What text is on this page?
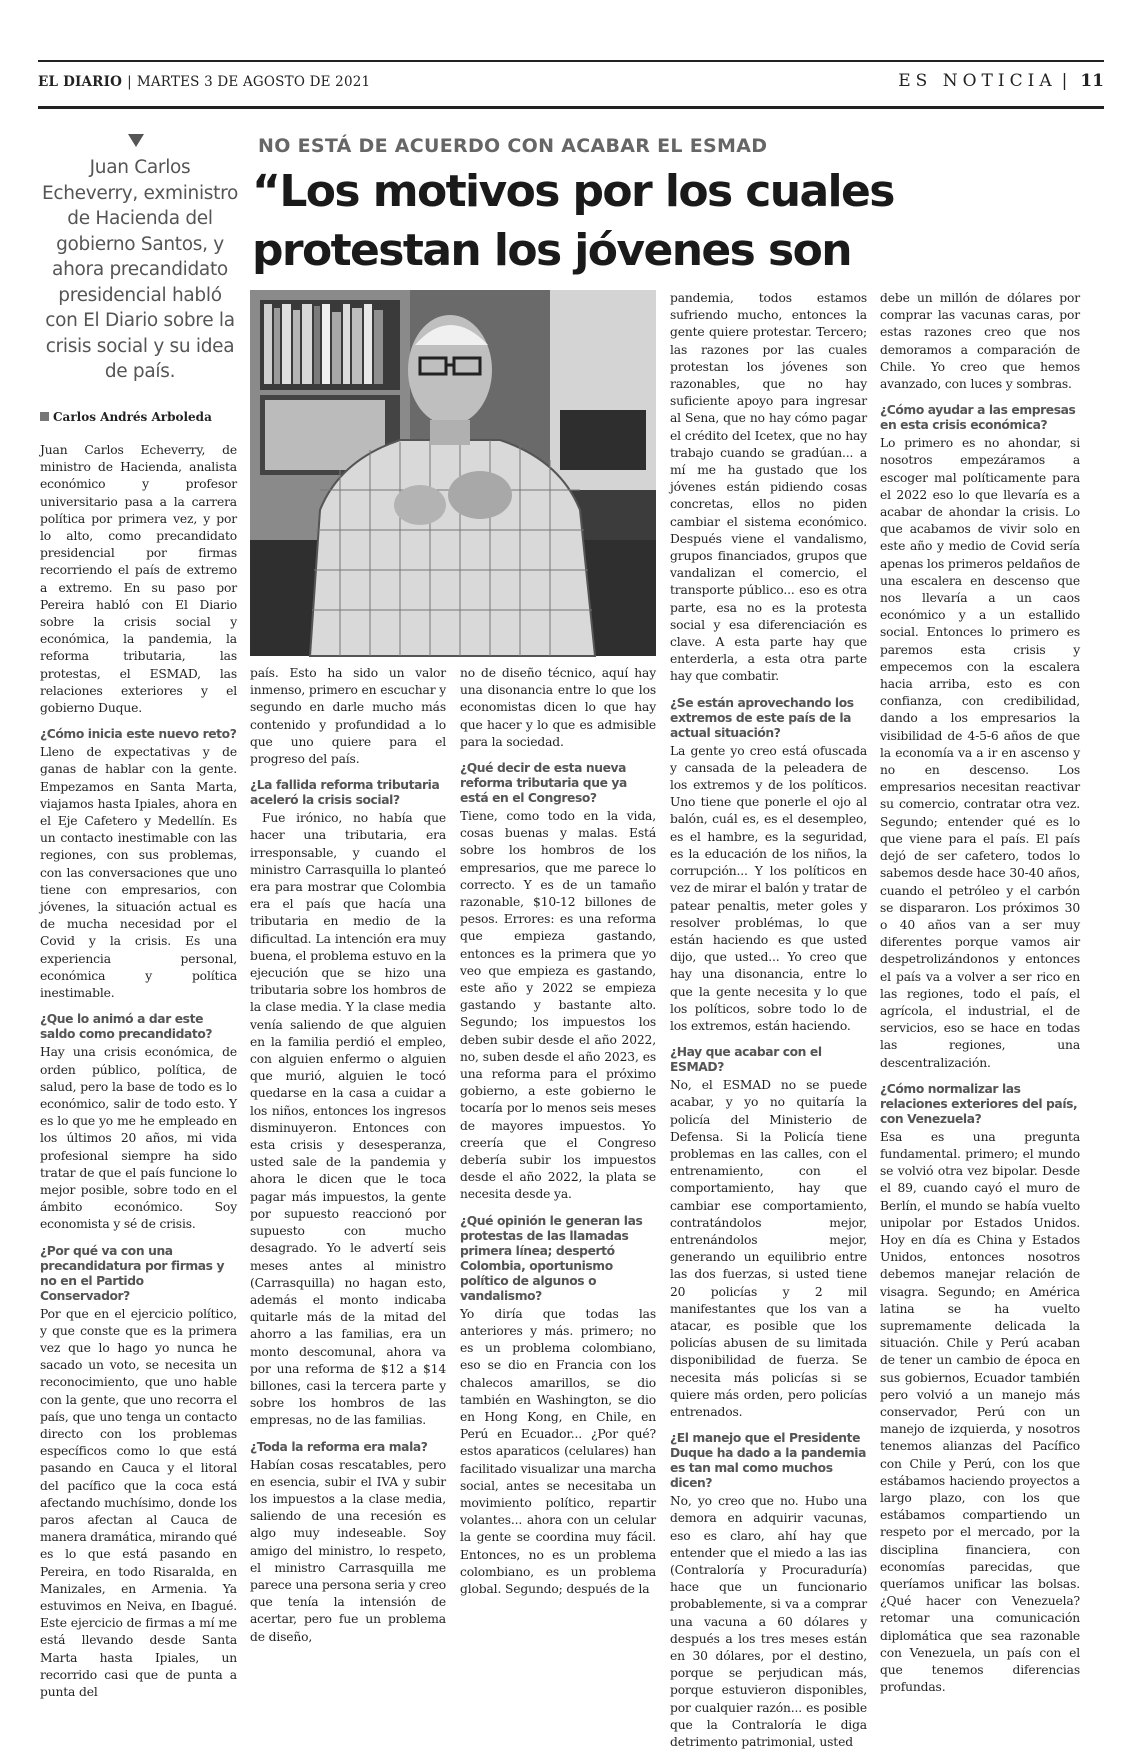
EL DIARIO | MARTES 3 DE AGOSTO DE 2021	ES NOTICIA | 11
NO ESTÁ DE ACUERDO CON ACABAR EL ESMAD
“Los motivos por los cuales protestan los jóvenes son
Juan Carlos Echeverry, exministro de Hacienda del gobierno Santos, y ahora precandidato presidencial habló con El Diario sobre la crisis social y su idea de país.
Carlos Andrés Arboleda

Juan Carlos Echeverry, de ministro de Hacienda, analista económico y profesor universitario pasa a la carrera política por primera vez, y por lo alto, como precandidato presidencial por firmas recorriendo el país de extremo a extremo. En su paso por Pereira habló con El Diario sobre la crisis social y económica, la pandemia, la reforma tributaria, las protestas, el ESMAD, las relaciones exteriores y el gobierno Duque.

¿Cómo inicia este nuevo reto?

Lleno de expectativas y de ganas de hablar con la gente. Empezamos en Santa Marta, viajamos hasta Ipiales, ahora en el Eje Cafetero y Medellín. Es un contacto inestimable con las regiones, con sus problemas, con las conversaciones que uno tiene con empresarios, con jóvenes, la situación actual es de mucha necesidad por el Covid y la crisis. Es una experiencia personal, económica y política inestimable.

¿Que lo animó a dar este saldo como precandidato?

Hay una crisis económica, de orden público, política, de salud, pero la base de todo es lo económico, salir de todo esto. Y es lo que yo me he empleado en los últimos 20 años, mi vida profesional siempre ha sido tratar de que el país funcione lo mejor posible, sobre todo en el ámbito económico. Soy economista y sé de crisis.

¿Por qué va con una precandidatura por firmas y no en el Partido Conservador?

Por que en el ejercicio político, y que conste que es la primera vez que lo hago yo nunca he sacado un voto, se necesita un reconocimiento, que uno hable con la gente, que uno recorra el país, que uno tenga un contacto directo con los problemas específicos como lo que está pasando en Cauca y el litoral del pacífico que la coca está afectando muchísimo, donde los paros afectan al Cauca de manera dramática, mirando qué es lo que está pasando en Pereira, en todo Risaralda, en Manizales, en Armenia. Ya estuvimos en Neiva, en Ibagué. Este ejercicio de firmas a mí me está llevando desde Santa Marta hasta Ipiales, un recorrido casi que de punta a punta del

país. Esto ha sido un valor inmenso, primero en escuchar y segundo en darle mucho más contenido y profundidad a lo que uno quiere para el progreso del país.

¿La fallida reforma tributaria aceleró la crisis social?

Fue irónico, no había que hacer una tributaria, era irresponsable, y cuando el ministro Carrasquilla lo planteó era para mostrar que Colombia era el país que hacía una tributaria en medio de la dificultad. La intención era muy buena, el problema estuvo en la ejecución que se hizo una tributaria sobre los hombros de la clase media. Y la clase media venía saliendo de que alguien en la familia perdió el empleo, con alguien enfermo o alguien que murió, alguien le tocó quedarse en la casa a cuidar a los niños, entonces los ingresos disminuyeron. Entonces con esta crisis y desesperanza, usted sale de la pandemia y ahora le dicen que le toca pagar más impuestos, la gente por supuesto reaccionó por supuesto con mucho desagrado. Yo le advertí seis meses antes al ministro (Carrasquilla) no hagan esto, además el monto indicaba quitarle más de la mitad del ahorro a las familias, era un monto descomunal, ahora va por una reforma de $12 a $14 billones, casi la tercera parte y sobre los hombros de las empresas, no de las familias.

¿Toda la reforma era mala?

Habían cosas rescatables, pero en esencia, subir el IVA y subir los impuestos a la clase media, saliendo de una recesión es algo muy indeseable. Soy amigo del ministro, lo respeto, el ministro Carrasquilla me parece una persona seria y creo que tenía la intensión de acertar, pero fue un problema de diseño,

no de diseño técnico, aquí hay una disonancia entre lo que los economistas dicen lo que hay que hacer y lo que es admisible para la sociedad.

¿Qué decir de esta nueva reforma tributaria que ya está en el Congreso?

Tiene, como todo en la vida, cosas buenas y malas. Está sobre los hombros de los empresarios, que me parece lo correcto. Y es de un tamaño razonable, $10-12 billones de pesos. Errores: es una reforma que empieza gastando, entonces es la primera que yo veo que empieza es gastando, este año y 2022 se empieza gastando y bastante alto. Segundo; los impuestos los deben subir desde el año 2022, no, suben desde el año 2023, es una reforma para el próximo gobierno, a este gobierno le tocaría por lo menos seis meses de mayores impuestos. Yo creería que el Congreso debería subir los impuestos desde el año 2022, la plata se necesita desde ya.

¿Qué opinión le generan las protestas de las llamadas primera línea; despertó Colombia, oportunismo político de algunos o vandalismo?

Yo diría que todas las anteriores y más. primero; no es un problema colombiano, eso se dio en Francia con los chalecos amarillos, se dio también en Washington, se dio en Hong Kong, en Chile, en Perú en Ecuador... ¿Por qué? estos aparaticos (celulares) han facilitado visualizar una marcha social, antes se necesitaba un movimiento político, repartir volantes... ahora con un celular la gente se coordina muy fácil. Entonces, no es un problema colombiano, es un problema global. Segundo; después de la

pandemia, todos estamos sufriendo mucho, entonces la gente quiere protestar. Tercero; las razones por las cuales protestan los jóvenes son razonables, que no hay suficiente apoyo para ingresar al Sena, que no hay cómo pagar el crédito del Icetex, que no hay trabajo cuando se gradúan... a mí me ha gustado que los jóvenes están pidiendo cosas concretas, ellos no piden cambiar el sistema económico. Después viene el vandalismo, grupos financiados, grupos que vandalizan el comercio, el transporte público... eso es otra parte, esa no es la protesta social y esa diferenciación es clave. A esta parte hay que enterderla, a esta otra parte hay que combatir.

¿Se están aprovechando los extremos de este país de la actual situación?

La gente yo creo está ofuscada y cansada de la peleadera de los extremos y de los políticos. Uno tiene que ponerle el ojo al balón, cuál es, es el desempleo, es el hambre, es la seguridad, es la educación de los niños, la corrupción... Y los políticos en vez de mirar el balón y tratar de patear penaltis, meter goles y resolver problémas, lo que están haciendo es que usted dijo, que usted... Yo creo que hay una disonancia, entre lo que la gente necesita y lo que los políticos, sobre todo lo de los extremos, están haciendo.

¿Hay que acabar con el ESMAD?

No, el ESMAD no se puede acabar, y yo no quitaría la policía del Ministerio de Defensa. Si la Policía tiene problemas en las calles, con el entrenamiento, con el comportamiento, hay que cambiar ese comportamiento, contratándolos mejor, entrenándolos mejor, generando un equilibrio entre las dos fuerzas, si usted tiene 20 policías y 2 mil manifestantes que los van a atacar, es posible que los policías abusen de su limitada disponibilidad de fuerza. Se necesita más policías si se quiere más orden, pero policías entrenados.

¿El manejo que el Presidente Duque ha dado a la pandemia es tan mal como muchos dicen?

No, yo creo que no. Hubo una demora en adquirir vacunas, eso es claro, ahí hay que entender que el miedo a las ias (Contraloría y Procuraduría) hace que un funcionario probablemente, si va a comprar una vacuna a 60 dólares y después a los tres meses están en 30 dólares, por el destino, porque se perjudican más, porque estuvieron disponibles, por cualquier razón... es posible que la Contraloría le diga detrimento patrimonial, usted

debe un millón de dólares por comprar las vacunas caras, por estas razones creo que nos demoramos a comparación de Chile. Yo creo que hemos avanzado, con luces y sombras.

¿Cómo ayudar a las empresas en esta crisis económica?

Lo primero es no ahondar, si nosotros empezáramos a escoger mal políticamente para el 2022 eso lo que llevaría es a acabar de ahondar la crisis. Lo que acabamos de vivir solo en este año y medio de Covid sería apenas los primeros peldaños de una escalera en descenso que nos llevaría a un caos económico y a un estallido social. Entonces lo primero es paremos esta crisis y empecemos con la escalera hacia arriba, esto es con confianza, con credibilidad, dando a los empresarios la visibilidad de 4-5-6 años de que la economía va a ir en ascenso y no en descenso. Los empresarios necesitan reactivar su comercio, contratar otra vez. Segundo; entender qué es lo que viene para el país. El país dejó de ser cafetero, todos lo sabemos desde hace 30-40 años, cuando el petróleo y el carbón se dispararon. Los próximos 30 o 40 años van a ser muy diferentes porque vamos air despetrolizándonos y entonces el país va a volver a ser rico en las regiones, todo el país, el agrícola, el industrial, el de servicios, eso se hace en todas las regiones, una descentralización.

¿Cómo normalizar las relaciones exteriores del país, con Venezuela?

Esa es una pregunta fundamental. primero; el mundo se volvió otra vez bipolar. Desde el 89, cuando cayó el muro de Berlín, el mundo se había vuelto unipolar por Estados Unidos. Hoy en día es China y Estados Unidos, entonces nosotros debemos manejar relación de visagra. Segundo; en América latina se ha vuelto supremamente delicada la situación. Chile y Perú acaban de tener un cambio de época en sus gobiernos, Ecuador también pero volvió a un manejo más conservador, Perú con un manejo de izquierda, y nosotros tenemos alianzas del Pacífico con Chile y Perú, con los que estábamos haciendo proyectos a largo plazo, con los que estábamos compartiendo un respeto por el mercado, por la disciplina financiera, con economías parecidas, que queríamos unificar las bolsas. ¿Qué hacer con Venezuela? retomar una comunicación diplomática que sea razonable con Venezuela, un país con el que tenemos diferencias profundas.
